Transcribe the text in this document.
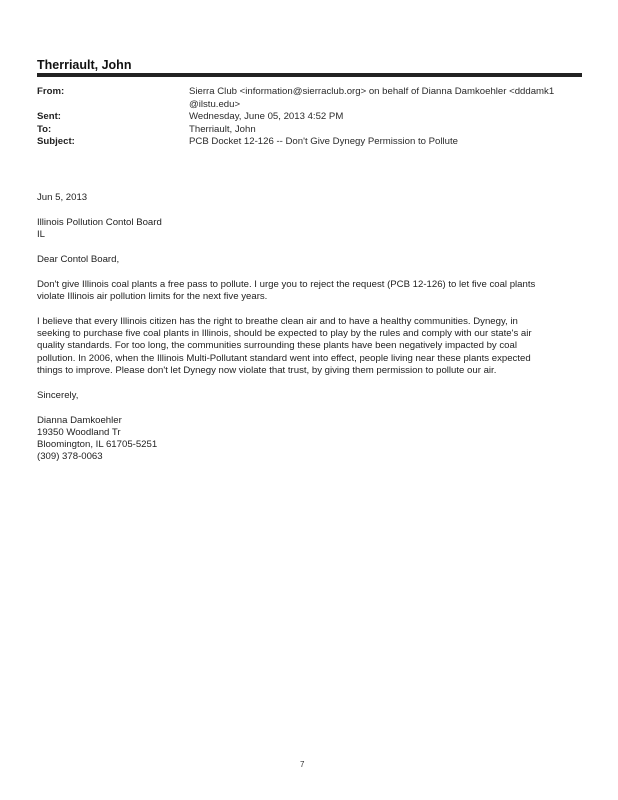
Therriault, John
From:	Sierra Club <information@sierraclub.org> on behalf of Dianna Damkoehler <dddamk1
@ilstu.edu>
Sent:	Wednesday, June 05, 2013 4:52 PM
To:	Therriault, John
Subject:	PCB Docket 12-126 -- Don't Give Dynegy Permission to Pollute

Jun 5, 2013

Illinois Pollution Contol Board

IL

Dear Contol Board,

Don't give Illinois coal plants a free pass to pollute. I urge you to reject the request (PCB 12-126) to let five coal plants

violate Illinois air pollution limits for the next five years.

I believe that every Illinois citizen has the right to breathe clean air and to have a healthy communities. Dynegy, in

seeking to purchase five coal plants in Illinois, should be expected to play by the rules and comply with our state's air

quality standards. For too long, the communities surrounding these plants have been negatively impacted by coal

pollution. In 2006, when the Illinois Multi-Pollutant standard went into effect, people living near these plants expected

things to improve. Please don't let Dynegy now violate that trust, by giving them permission to pollute our air.

Sincerely,

Dianna Damkoehler

19350 Woodland Tr

Bloomington, IL 61705-5251

(309) 378-0063

7
